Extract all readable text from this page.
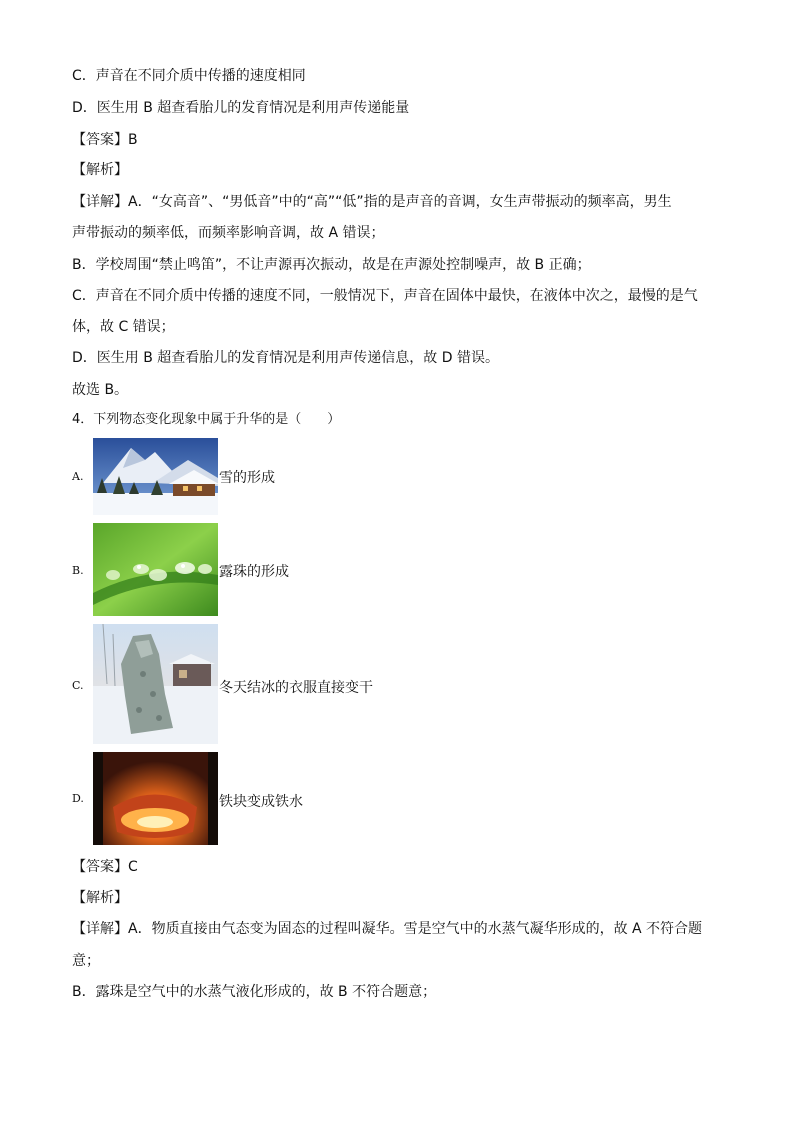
C．声音在不同介质中传播的速度相同
D．医生用 B 超查看胎儿的发育情况是利用声传递能量
【答案】B
【解析】
【详解】A．“女高音”、“男低音”中的“高”“低”指的是声音的音调，女生声带振动的频率高，男生
声带振动的频率低，而频率影响音调，故 A 错误；
B．学校周围“禁止鸣笛”，不让声源再次振动，故是在声源处控制噪声，故 B 正确；
C．声音在不同介质中传播的速度不同，一般情况下，声音在固体中最快，在液体中次之，最慢的是气
体，故 C 错误；
D．医生用 B 超查看胎儿的发育情况是利用声传递信息，故 D 错误。
故选 B。
4．下列物态变化现象中属于升华的是（　　）
A.	雪的形成
B.	露珠的形成
C.	冬天结冰的衣服直接变干
D.	铁块变成铁水
【答案】C
【解析】
【详解】A．物质直接由气态变为固态的过程叫凝华。雪是空气中的水蒸气凝华形成的，故 A 不符合题
意；
B．露珠是空气中的水蒸气液化形成的，故 B 不符合题意；
